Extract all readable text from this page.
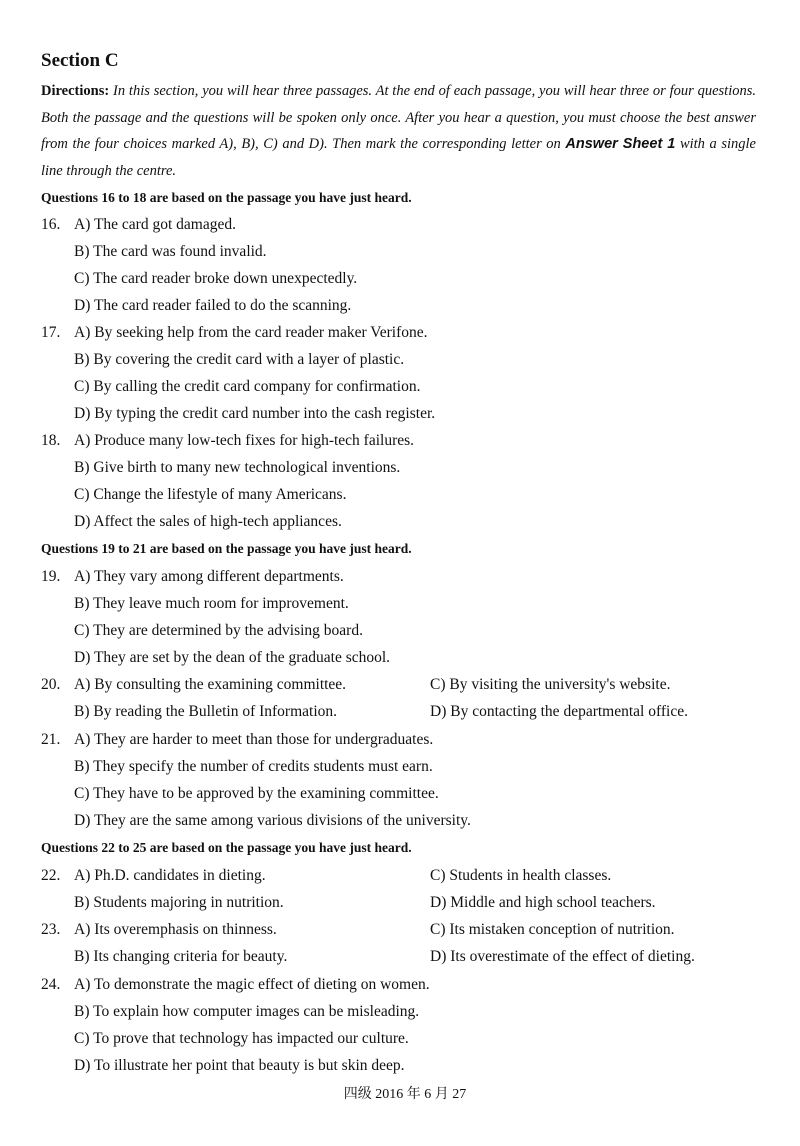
Section C
Directions: In this section, you will hear three passages. At the end of each passage, you will hear three or four questions. Both the passage and the questions will be spoken only once. After you hear a question, you must choose the best answer from the four choices marked A), B), C) and D). Then mark the corresponding letter on Answer Sheet 1 with a single line through the centre.
Questions 16 to 18 are based on the passage you have just heard.
16. A) The card got damaged.
B) The card was found invalid.
C) The card reader broke down unexpectedly.
D) The card reader failed to do the scanning.
17. A) By seeking help from the card reader maker Verifone.
B) By covering the credit card with a layer of plastic.
C) By calling the credit card company for confirmation.
D) By typing the credit card number into the cash register.
18. A) Produce many low-tech fixes for high-tech failures.
B) Give birth to many new technological inventions.
C) Change the lifestyle of many Americans.
D) Affect the sales of high-tech appliances.
Questions 19 to 21 are based on the passage you have just heard.
19. A) They vary among different departments.
B) They leave much room for improvement.
C) They are determined by the advising board.
D) They are set by the dean of the graduate school.
20. A) By consulting the examining committee.	C) By visiting the university's website.
B) By reading the Bulletin of Information.	D) By contacting the departmental office.
21. A) They are harder to meet than those for undergraduates.
B) They specify the number of credits students must earn.
C) They have to be approved by the examining committee.
D) They are the same among various divisions of the university.
Questions 22 to 25 are based on the passage you have just heard.
22. A) Ph.D. candidates in dieting.	C) Students in health classes.
B) Students majoring in nutrition.	D) Middle and high school teachers.
23. A) Its overemphasis on thinness.	C) Its mistaken conception of nutrition.
B) Its changing criteria for beauty.	D) Its overestimate of the effect of dieting.
24. A) To demonstrate the magic effect of dieting on women.
B) To explain how computer images can be misleading.
C) To prove that technology has impacted our culture.
D) To illustrate her point that beauty is but skin deep.
四级 2016 年 6 月 27
